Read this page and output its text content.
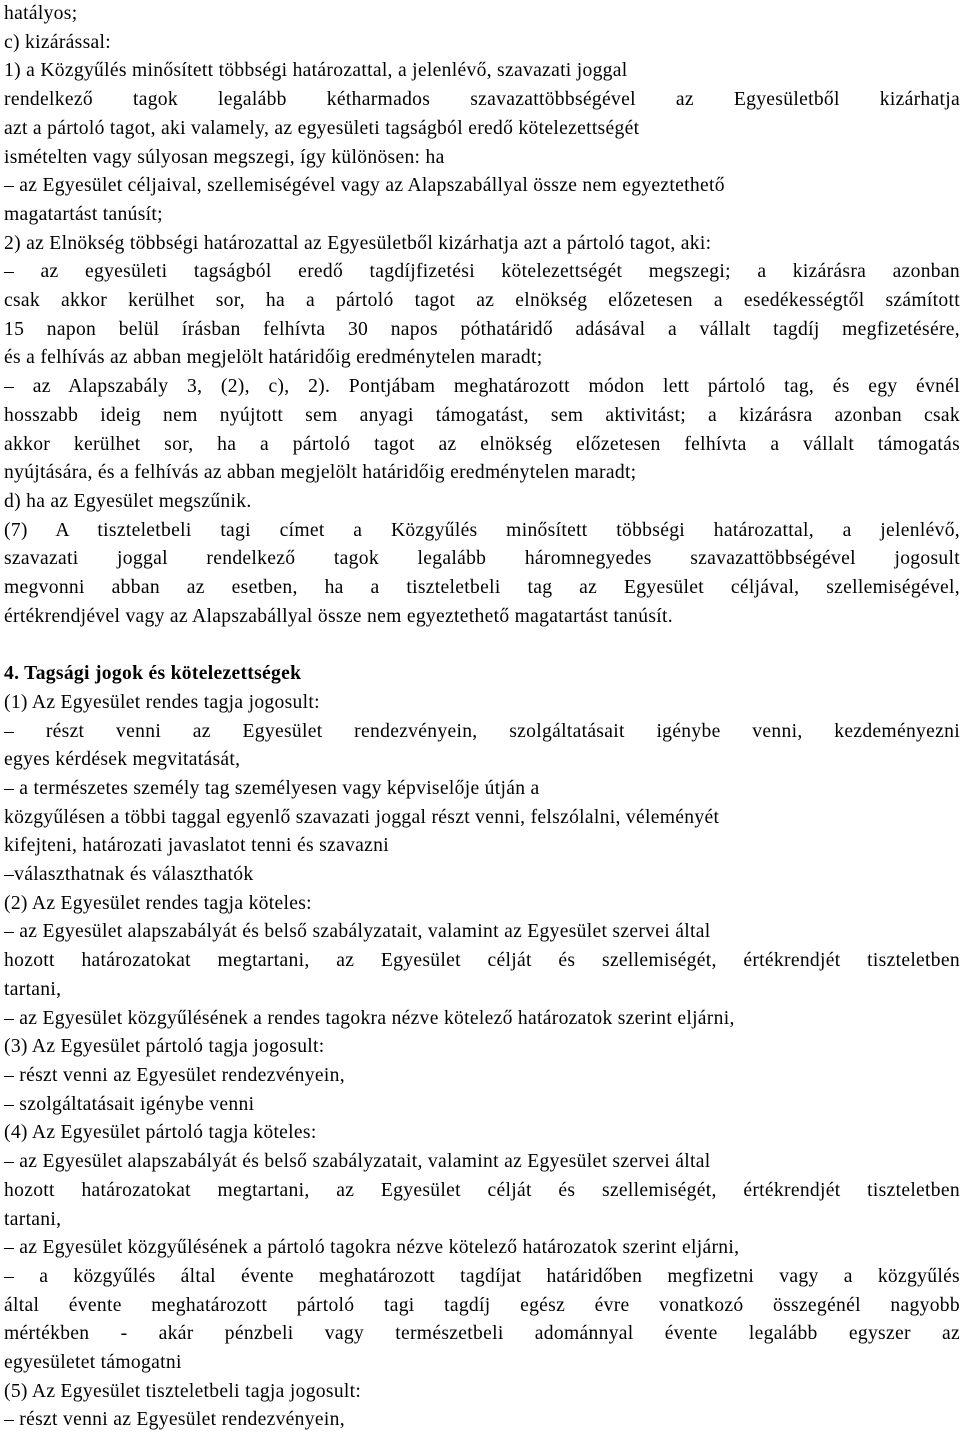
hatályos;
c) kizárással:
1) a Közgyűlés minősített többségi határozattal, a jelenlévő, szavazati joggal
rendelkező tagok legalább kétharmados szavazattöbbségével az Egyesületből kizárhatja
azt a pártoló tagot, aki valamely, az egyesületi tagságból eredő kötelezettségét
ismételten vagy súlyosan megszegi, így különösen: ha
– az Egyesület céljaival, szellemiségével vagy az Alapszabállyal össze nem egyeztethető
magatartást tanúsít;
2) az Elnökség többségi határozattal az Egyesületből kizárhatja azt a pártoló tagot, aki:
– az egyesületi tagságból eredő tagdíjfizetési kötelezettségét megszegi; a kizárásra azonban
csak akkor kerülhet sor, ha a pártoló tagot az elnökség előzetesen a esedékességtől számított
15 napon belül írásban felhívta 30 napos póthatáridő adásával a vállalt tagdíj megfizetésére,
és a felhívás az abban megjelölt határidőig eredménytelen maradt;
– az Alapszabály 3, (2), c), 2). Pontjábam meghatározott módon lett pártoló tag, és egy évnél
hosszabb ideig nem nyújtott sem anyagi támogatást, sem aktivitást; a kizárásra azonban csak
akkor kerülhet sor, ha a pártoló tagot az elnökség előzetesen felhívta a vállalt támogatás
nyújtására, és a felhívás az abban megjelölt határidőig eredménytelen maradt;
d) ha az Egyesület megszűnik.
(7) A tiszteletbeli tagi címet a Közgyűlés minősített többségi határozattal, a jelenlévő,
szavazati joggal rendelkező tagok legalább háromnegyedes szavazattöbbségével jogosult
megvonni abban az esetben, ha a tiszteletbeli tag az Egyesület céljával, szellemiségével,
értékrendjével vagy az Alapszabállyal össze nem egyeztethető magatartást tanúsít.
4. Tagsági jogok és kötelezettségek
(1) Az Egyesület rendes tagja jogosult:
– részt venni az Egyesület rendezvényein, szolgáltatásait igénybe venni, kezdeményezni
egyes kérdések megvitatását,
– a természetes személy tag személyesen vagy képviselője útján a
közgyűlésen a többi taggal egyenlő szavazati joggal részt venni, felszólalni, véleményét
kifejteni, határozati javaslatot tenni és szavazni
–választhatnak és választhatók
(2) Az Egyesület rendes tagja köteles:
– az Egyesület alapszabályát és belső szabályzatait, valamint az Egyesület szervei által
hozott határozatokat megtartani, az Egyesület célját és szellemiségét, értékrendjét tiszteletben
tartani,
– az Egyesület közgyűlésének a rendes tagokra nézve kötelező határozatok szerint eljárni,
(3) Az Egyesület pártoló tagja jogosult:
– részt venni az Egyesület rendezvényein,
– szolgáltatásait igénybe venni
(4) Az Egyesület pártoló tagja köteles:
– az Egyesület alapszabályát és belső szabályzatait, valamint az Egyesület szervei által
hozott határozatokat megtartani, az Egyesület célját és szellemiségét, értékrendjét tiszteletben
tartani,
– az Egyesület közgyűlésének a pártoló tagokra nézve kötelező határozatok szerint eljárni,
– a közgyűlés által évente meghatározott tagdíjat határidőben megfizetni vagy a közgyűlés
által évente meghatározott pártoló tagi tagdíj egész évre vonatkozó összegénél nagyobb
mértékben - akár pénzbeli vagy természetbeli adománnyal évente legalább egyszer az
egyesületet támogatni
(5) Az Egyesület tiszteletbeli tagja jogosult:
– részt venni az Egyesület rendezvényein,
